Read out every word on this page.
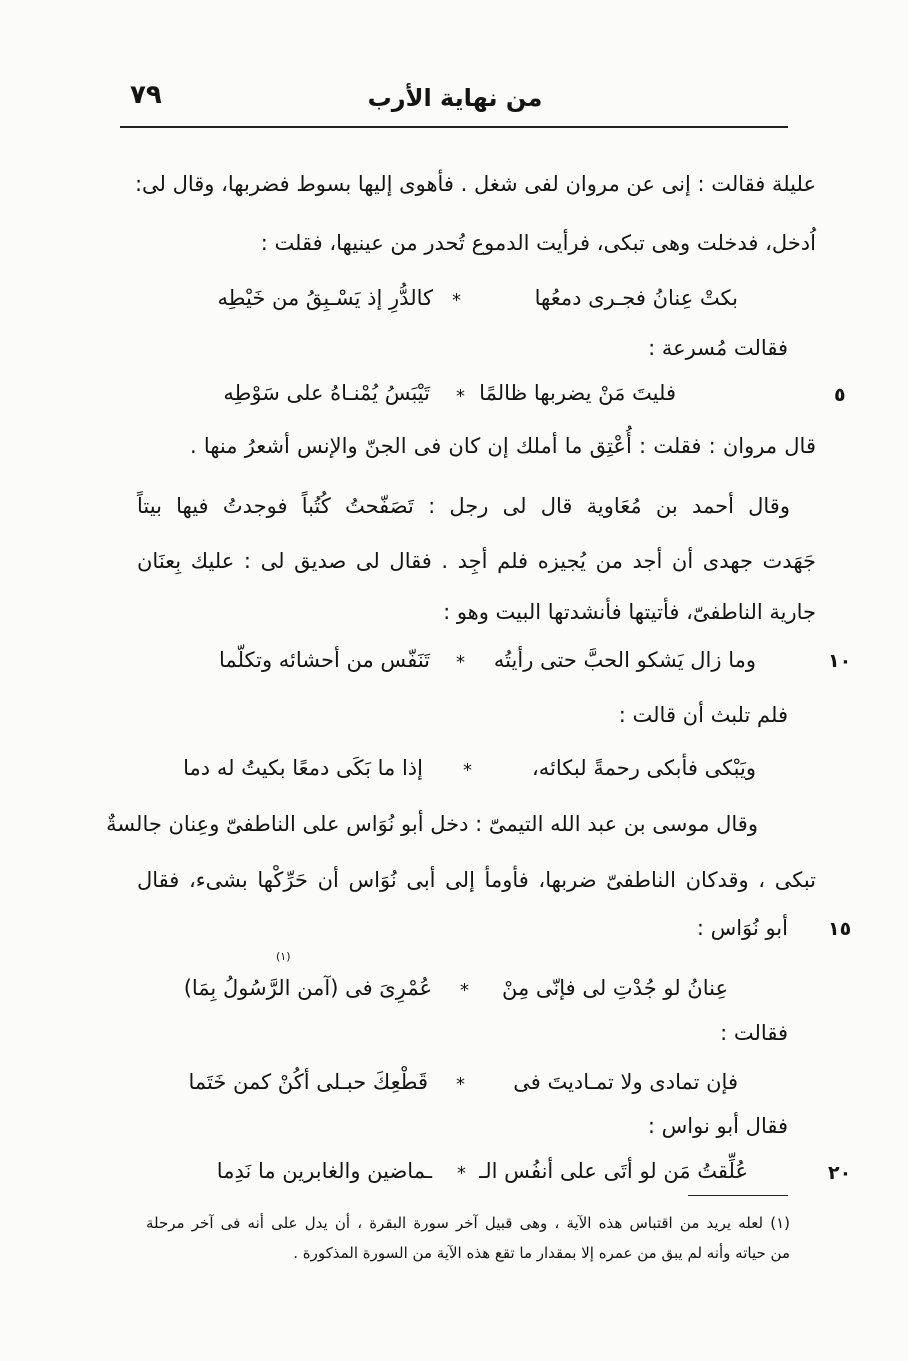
٧٩	من نهاية الأرب
عليلة فقالت : إنى عن مروان لفى شغل . فأهوى إليها بسوط فضربها، وقال لى:
اُدخل، فدخلت وهى تبكى، فرأيت الدموع تُحدر من عينيها، فقلت :
بكتْ عِنانُ فجـرى دمعُها
*
كالدُّرِ إذ يَسْـبِقُ من خَيْطِه
فقالت مُسرعة :
٥
فليتَ مَنْ يضربها ظالمًا
*
تَيْبَسُ يُمْنـاهُ على سَوْطِه
قال مروان : فقلت : أُعْتِق ما أملك إن كان فى الجنّ والإنس أشعرُ منها .
وقال أحمد بن مُعَاوية قال لى رجل : تَصَفّحتُ كُتُباً فوجدتُ فيها بيتاً
جَهَدت جهدى أن أجد من يُجيزه فلم أجِد . فقال لى صديق لى : عليك بِعنَان
جارية الناطفىّ، فأتيتها فأنشدتها البيت وهو :
١٠
وما زال يَشكو الحبَّ حتى رأيتُه
*
تَنَفّس من أحشائه وتكلّما
فلم تلبث أن قالت :
ويَبْكى فأبكى رحمةً لبكائه،
*
إذا ما بَكَى دمعًا بكيتُ له دما
وقال موسى بن عبد الله التيمىّ : دخل أبو نُوَاس على الناطفىّ وعِنان جالسةٌ
تبكى ، وقدكان الناطفىّ ضربها، فأومأ إلى أبى نُوَاس أن حَرِّكْها بشىء، فقال
١٥
أبو نُوَاس :
عِنانُ لو جُدْتِ لى فإنّى مِنْ
*
عُمْرِىَ فى (آمن الرَّسُولُ بِمَا)
(١)
فقالت :
فإن تمادى ولا تمـاديتَ فى
*
قَطْعِكَ حبـلى أكُنْ كمن خَتَما
فقال أبو نواس :
٢٠
عُلِّقتُ مَن لو أتَى على أنفُس الـ
*
ـماضين والغابرين ما نَدِما
(١) لعله يريد من اقتباس هذه الآية ، وهى قبيل آخر سورة البقرة ، أن يدل على أنه فى آخر مرحلة
من حياته وأنه لم يبق من عمره إلا بمقدار ما تقع هذه الآية من السورة المذكورة .
